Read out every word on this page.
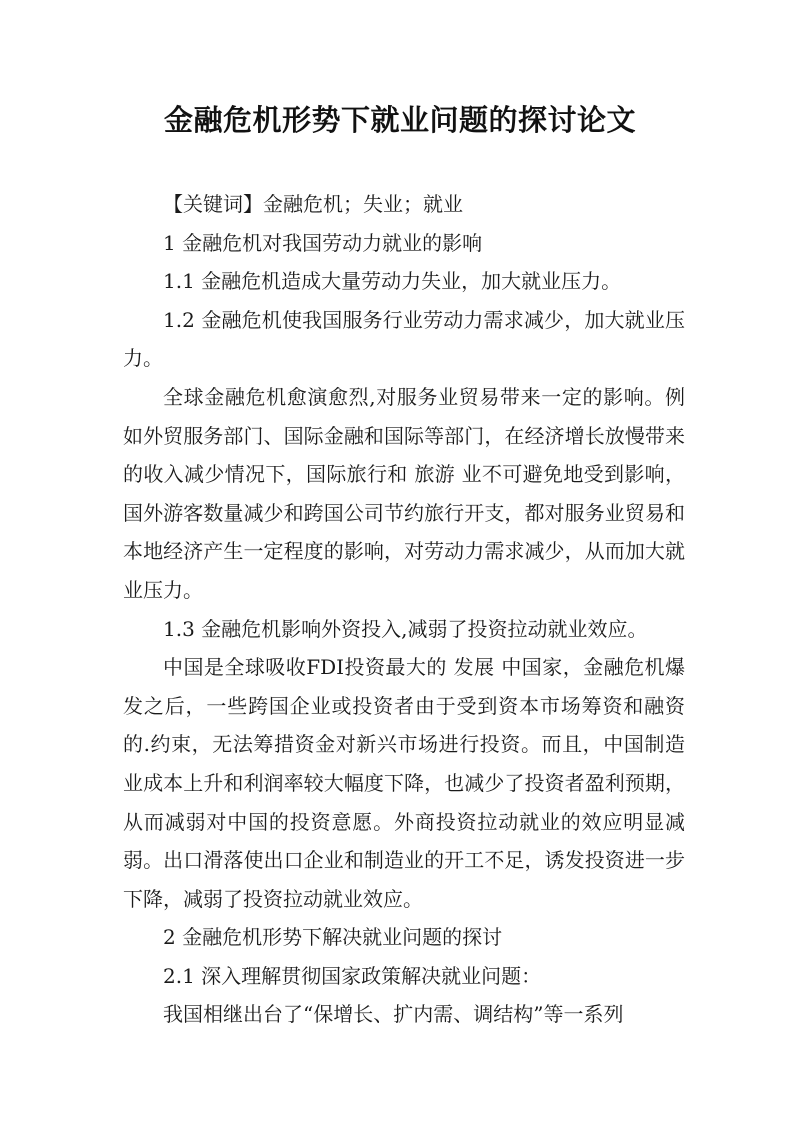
金融危机形势下就业问题的探讨论文

【关键词】金融危机；失业；就业

1 金融危机对我国劳动力就业的影响

1.1 金融危机造成大量劳动力失业，加大就业压力。

1.2 金融危机使我国服务行业劳动力需求减少，加大就业压力。

全球金融危机愈演愈烈,对服务业贸易带来一定的影响。例如外贸服务部门、国际金融和国际等部门，在经济增长放慢带来的收入减少情况下，国际旅行和 旅游 业不可避免地受到影响，国外游客数量减少和跨国公司节约旅行开支，都对服务业贸易和本地经济产生一定程度的影响，对劳动力需求减少，从而加大就业压力。

1.3 金融危机影响外资投入,减弱了投资拉动就业效应。

中国是全球吸收FDI投资最大的 发展 中国家，金融危机爆发之后，一些跨国企业或投资者由于受到资本市场筹资和融资的.约束，无法筹措资金对新兴市场进行投资。而且，中国制造业成本上升和利润率较大幅度下降，也减少了投资者盈利预期，从而减弱对中国的投资意愿。外商投资拉动就业的效应明显减弱。出口滑落使出口企业和制造业的开工不足，诱发投资进一步下降，减弱了投资拉动就业效应。

2 金融危机形势下解决就业问题的探讨

2.1 深入理解贯彻国家政策解决就业问题：

我国相继出台了“保增长、扩内需、调结构”等一系列
